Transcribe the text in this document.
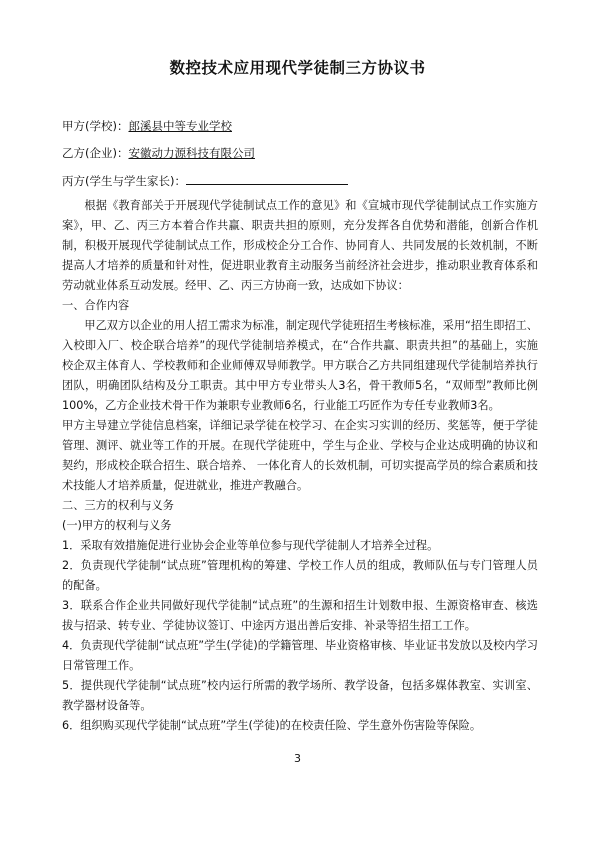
数控技术应用现代学徒制三方协议书
甲方(学校)：郎溪县中等专业学校
乙方(企业)：安徽动力源科技有限公司
丙方(学生与学生家长)：

根据《教育部关于开展现代学徒制试点工作的意见》和《宣城市现代学徒制试点工作实施方案》，甲、乙、丙三方本着合作共赢、职责共担的原则，充分发挥各自优势和潜能，创新合作机制，积极开展现代学徒制试点工作，形成校企分工合作、协同育人、共同发展的长效机制，不断提高人才培养的质量和针对性，促进职业教育主动服务当前经济社会进步，推动职业教育体系和劳动就业体系互动发展。经甲、乙、丙三方协商一致，达成如下协议：

一、合作内容

甲乙双方以企业的用人招工需求为标准，制定现代学徒班招生考核标准，采用“招生即招工、入校即入厂、校企联合培养”的现代学徒制培养模式，在“合作共赢、职责共担”的基础上，实施校企双主体育人、学校教师和企业师傅双导师教学。甲方联合乙方共同组建现代学徒制培养执行团队，明确团队结构及分工职责。其中甲方专业带头人3名，骨干教师5名，“双师型”教师比例100%，乙方企业技术骨干作为兼职专业教师6名，行业能工巧匠作为专任专业教师3名。

甲方主导建立学徒信息档案，详细记录学徒在校学习、在企实习实训的经历、奖惩等，便于学徒管理、测评、就业等工作的开展。在现代学徒班中，学生与企业、学校与企业达成明确的协议和契约，形成校企联合招生、联合培养、 一体化育人的长效机制，可切实提高学员的综合素质和技术技能人才培养质量，促进就业，推进产教融合。

二、三方的权利与义务

(一)甲方的权利与义务

1．采取有效措施促进行业协会企业等单位参与现代学徒制人才培养全过程。

2．负责现代学徒制“试点班”管理机构的筹建、学校工作人员的组成，教师队伍与专门管理人员的配备。

3．联系合作企业共同做好现代学徒制“试点班”的生源和招生计划数申报、生源资格审查、核选拔与招录、转专业、学徒协议签订、中途丙方退出善后安排、补录等招生招工工作。

4．负责现代学徒制“试点班”学生(学徒)的学籍管理、毕业资格审核、毕业证书发放以及校内学习日常管理工作。

5．提供现代学徒制“试点班”校内运行所需的教学场所、教学设备，包括多媒体教室、实训室、教学器材设备等。

6．组织购买现代学徒制“试点班”学生(学徒)的在校责任险、学生意外伤害险等保险。

3
